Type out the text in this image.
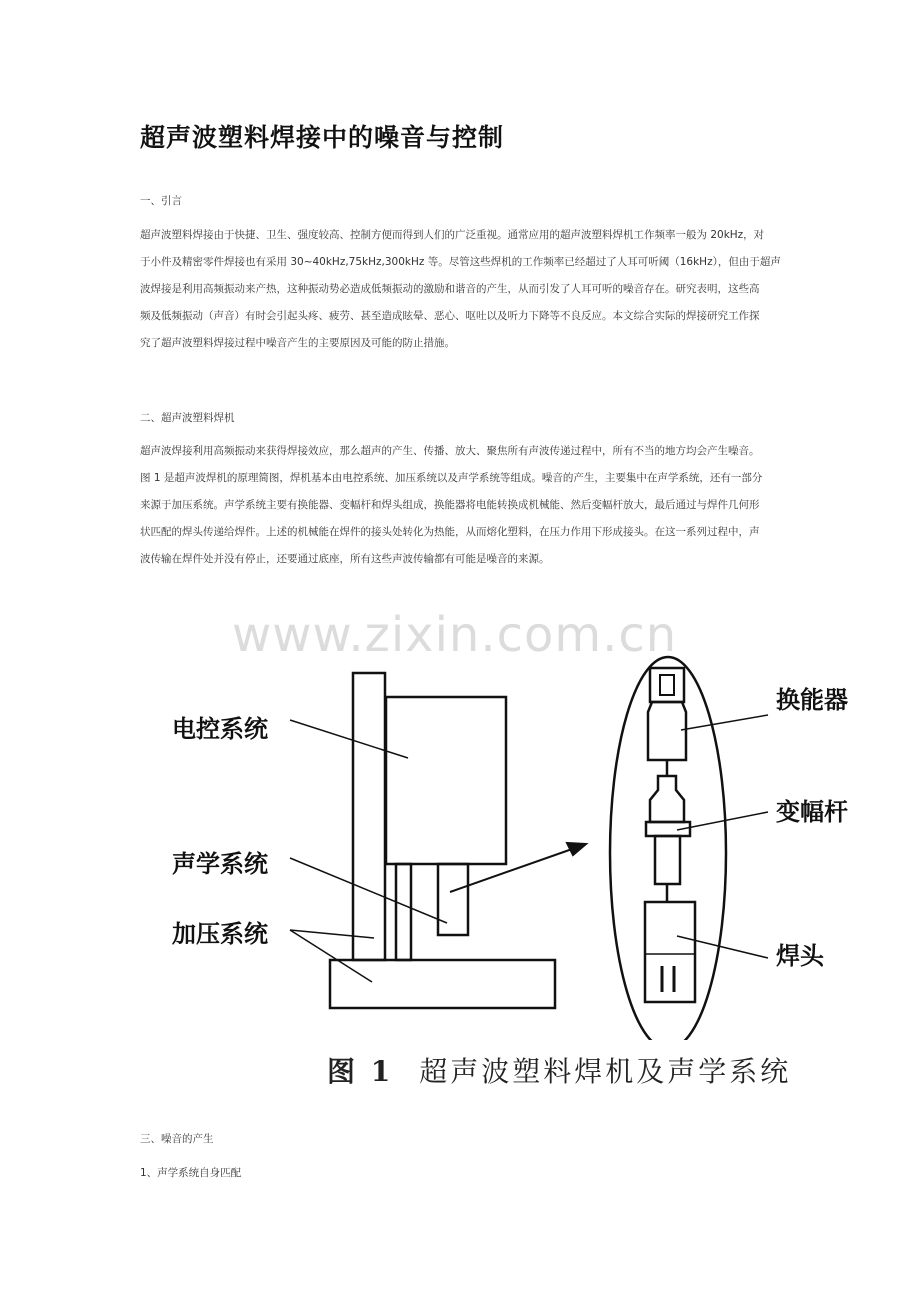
超声波塑料焊接中的噪音与控制
一、引言
超声波塑料焊接由于快捷、卫生、强度较高、控制方便而得到人们的广泛重视。通常应用的超声波塑料焊机工作频率一般为 20kHz，对
于小件及精密零件焊接也有采用 30~40kHz,75kHz,300kHz 等。尽管这些焊机的工作频率已经超过了人耳可听阈（16kHz），但由于超声
波焊接是利用高频振动来产热，这种振动势必造成低频振动的激励和谐音的产生，从而引发了人耳可听的噪音存在。研究表明，这些高
频及低频振动（声音）有时会引起头疼、疲劳、甚至造成眩晕、恶心、呕吐以及听力下降等不良反应。本文综合实际的焊接研究工作探
究了超声波塑料焊接过程中噪音产生的主要原因及可能的防止措施。
二、超声波塑料焊机
超声波焊接利用高频振动来获得焊接效应，那么超声的产生、传播、放大、聚焦所有声波传递过程中，所有不当的地方均会产生噪音。
图 1 是超声波焊机的原理简图，焊机基本由电控系统、加压系统以及声学系统等组成。噪音的产生，主要集中在声学系统，还有一部分
来源于加压系统。声学系统主要有换能器、变幅杆和焊头组成，换能器将电能转换成机械能、然后变幅杆放大，最后通过与焊件几何形
状匹配的焊头传递给焊件。上述的机械能在焊件的接头处转化为热能，从而熔化塑料，在压力作用下形成接头。在这一系列过程中，声
波传输在焊件处并没有停止，还要通过底座，所有这些声波传输都有可能是噪音的来源。
www.zixin.com.cn
电控系统
声学系统
加压系统
换能器
变幅杆
焊头
图 1 超声波塑料焊机及声学系统
三、噪音的产生
1、声学系统自身匹配
